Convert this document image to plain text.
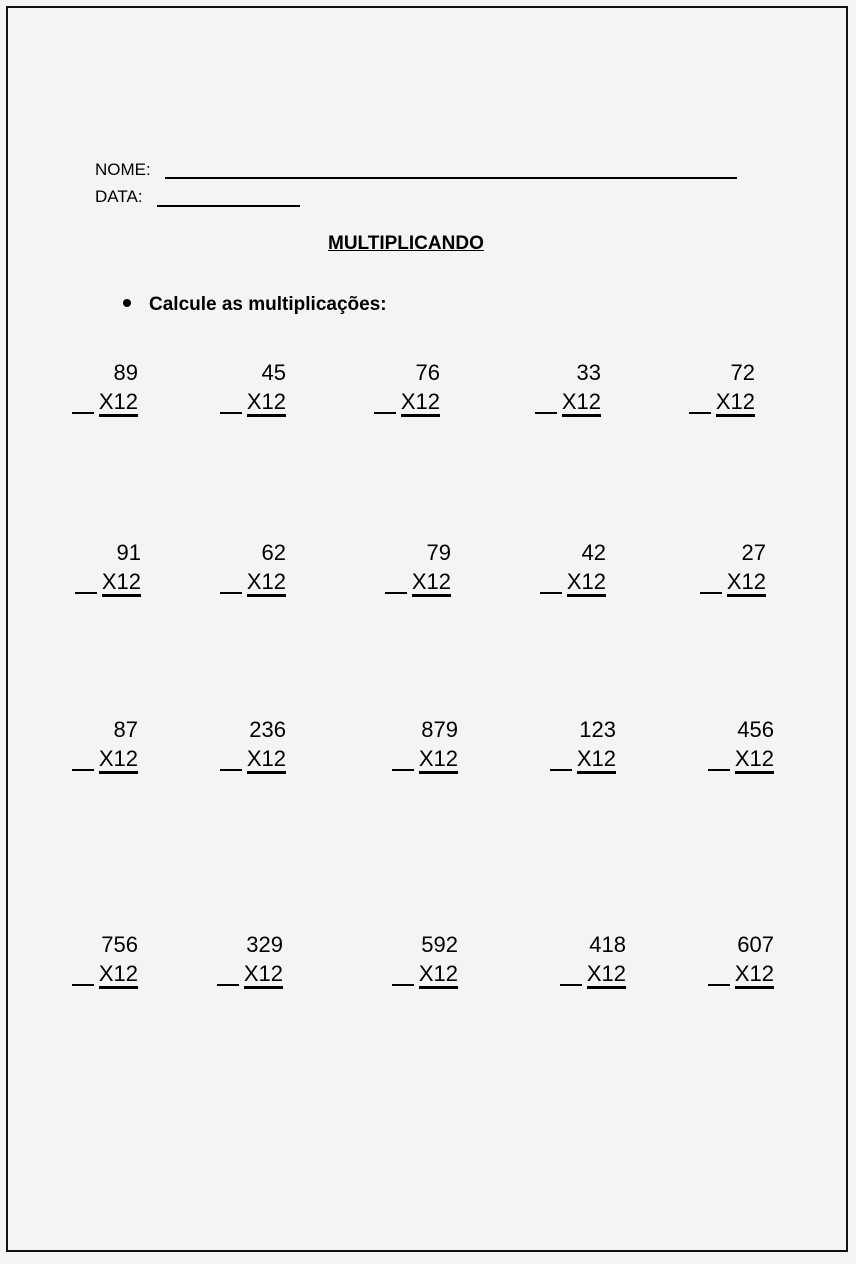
NOME:
DATA:
MULTIPLICANDO
Calcule as multiplicações:
89
X12
45
X12
76
X12
33
X12
72
X12
91
X12
62
X12
79
X12
42
X12
27
X12
87
X12
236
X12
879
X12
123
X12
456
X12
756
X12
329
X12
592
X12
418
X12
607
X12
